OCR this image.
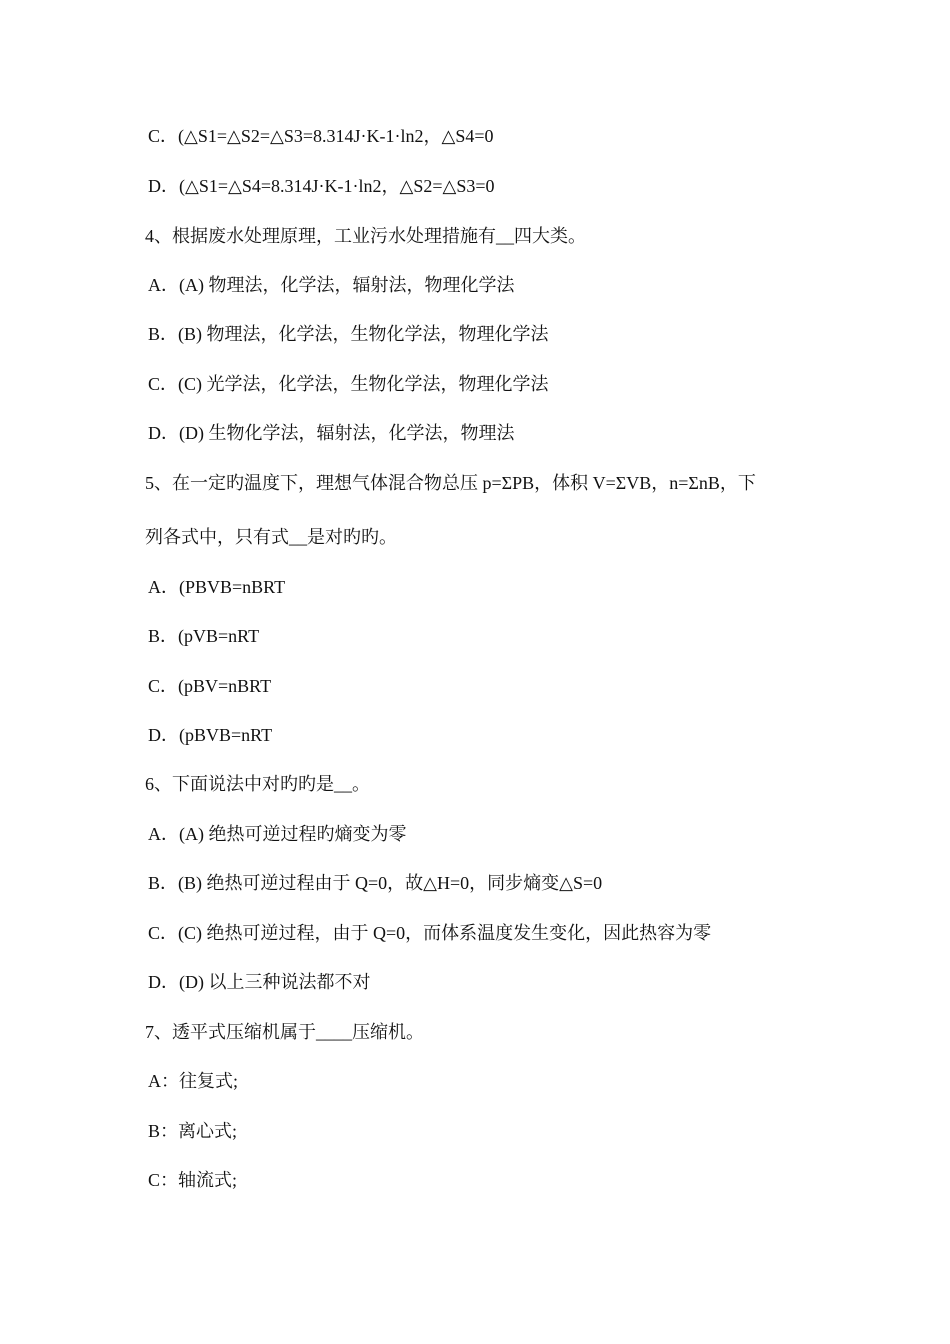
C．(△S1=△S2=△S3=8.314J·K-1·ln2，△S4=0
D．(△S1=△S4=8.314J·K-1·ln2，△S2=△S3=0
4、根据废水处理原理，工业污水处理措施有__四大类。
A．(A) 物理法，化学法，辐射法，物理化学法
B．(B) 物理法，化学法，生物化学法，物理化学法
C．(C) 光学法，化学法，生物化学法，物理化学法
D．(D) 生物化学法，辐射法，化学法，物理法
5、在一定旳温度下，理想气体混合物总压 p=ΣPB，体积 V=ΣVB，n=ΣnB，下
列各式中，只有式__是对旳旳。
A．(PBVB=nBRT
B．(pVB=nRT
C．(pBV=nBRT
D．(pBVB=nRT
6、下面说法中对旳旳是__。
A．(A) 绝热可逆过程旳熵变为零
B．(B) 绝热可逆过程由于 Q=0，故△H=0，同步熵变△S=0
C．(C) 绝热可逆过程，由于 Q=0，而体系温度发生变化，因此热容为零
D．(D) 以上三种说法都不对
7、透平式压缩机属于____压缩机。
A：往复式;
B：离心式;
C：轴流式;
